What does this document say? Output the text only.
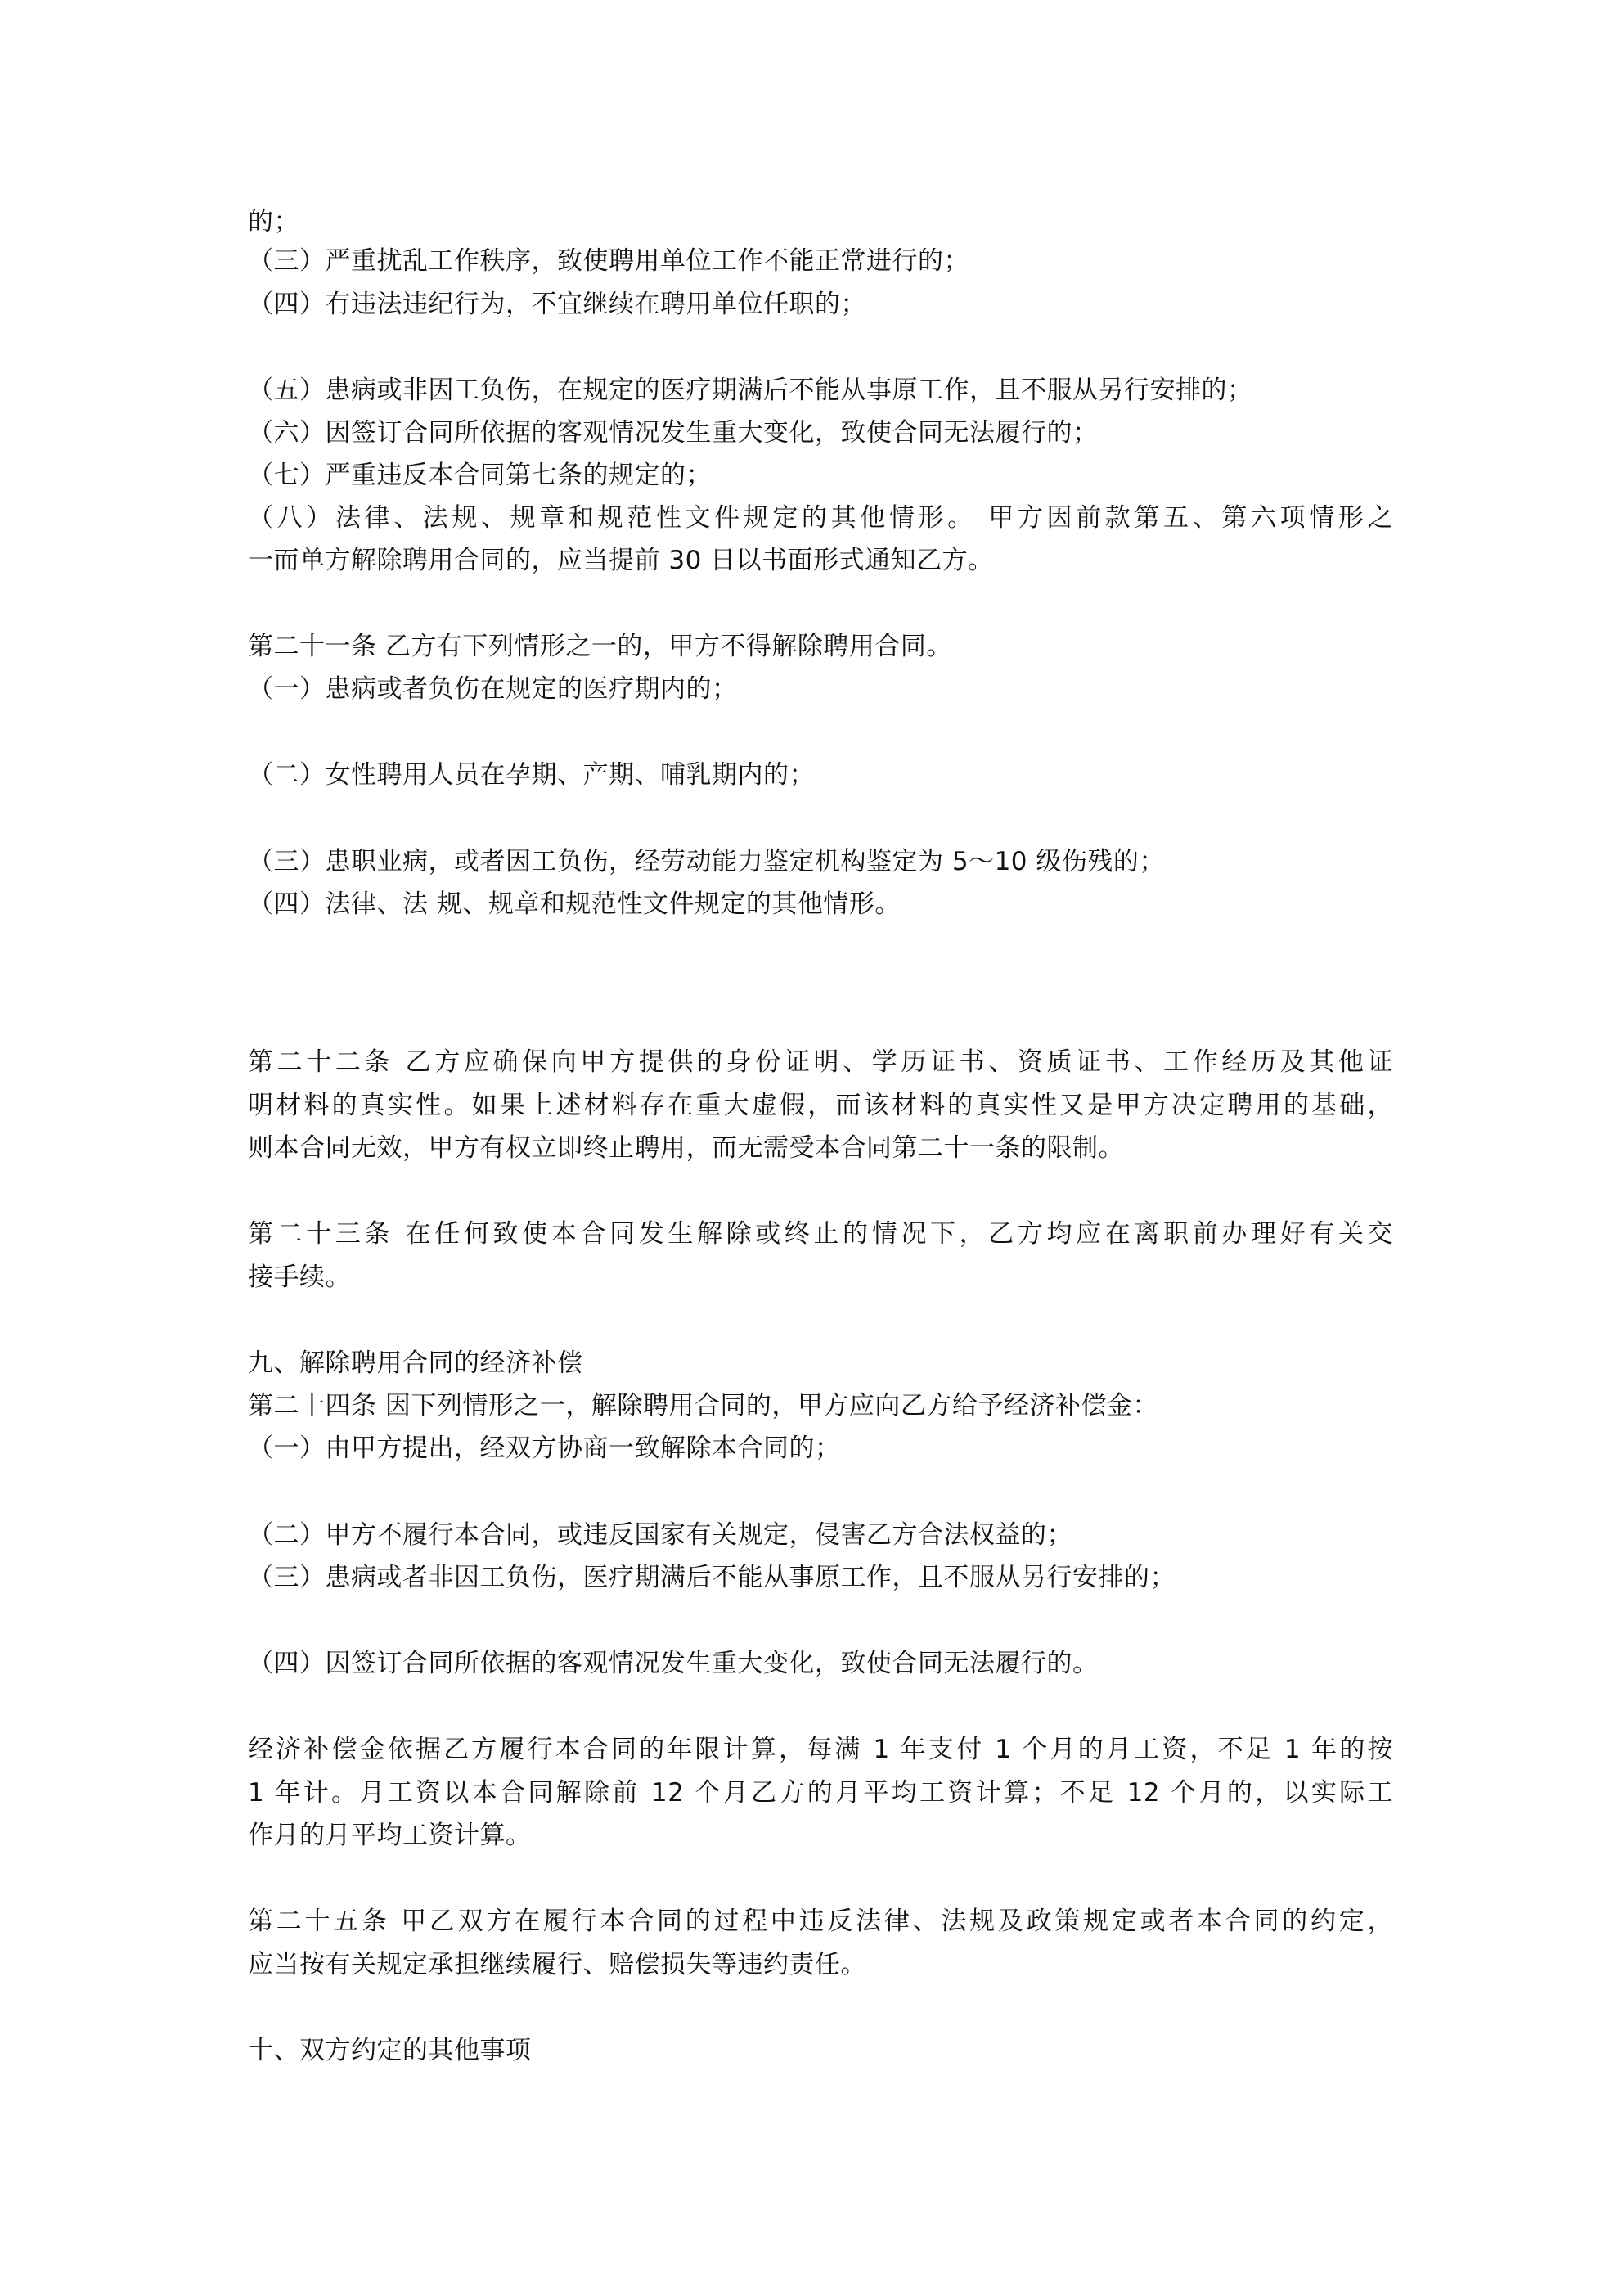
的；

（三）严重扰乱工作秩序，致使聘用单位工作不能正常进行的；

（四）有违法违纪行为，不宜继续在聘用单位任职的；

（五）患病或非因工负伤，在规定的医疗期满后不能从事原工作，且不服从另行安排的；

（六）因签订合同所依据的客观情况发生重大变化，致使合同无法履行的；

（七）严重违反本合同第七条的规定的；

（八）法律、法规、规章和规范性文件规定的其他情形。 甲方因前款第五、第六项情形之

一而单方解除聘用合同的，应当提前 30 日以书面形式通知乙方。

第二十一条 乙方有下列情形之一的，甲方不得解除聘用合同。

（一）患病或者负伤在规定的医疗期内的；

（二）女性聘用人员在孕期、产期、哺乳期内的；

（三）患职业病，或者因工负伤，经劳动能力鉴定机构鉴定为 5～10 级伤残的；

（四）法律、法 规、规章和规范性文件规定的其他情形。

第二十二条 乙方应确保向甲方提供的身份证明、学历证书、资质证书、工作经历及其他证

明材料的真实性。如果上述材料存在重大虚假，而该材料的真实性又是甲方决定聘用的基础，

则本合同无效，甲方有权立即终止聘用，而无需受本合同第二十一条的限制。

第二十三条 在任何致使本合同发生解除或终止的情况下，乙方均应在离职前办理好有关交

接手续。

九、解除聘用合同的经济补偿

第二十四条 因下列情形之一，解除聘用合同的，甲方应向乙方给予经济补偿金：

（一）由甲方提出，经双方协商一致解除本合同的；

（二）甲方不履行本合同，或违反国家有关规定，侵害乙方合法权益的；

（三）患病或者非因工负伤，医疗期满后不能从事原工作，且不服从另行安排的；

（四）因签订合同所依据的客观情况发生重大变化，致使合同无法履行的。

经济补偿金依据乙方履行本合同的年限计算，每满 1 年支付 1 个月的月工资，不足 1 年的按

1 年计。月工资以本合同解除前 12 个月乙方的月平均工资计算；不足 12 个月的，以实际工

作月的月平均工资计算。

第二十五条 甲乙双方在履行本合同的过程中违反法律、法规及政策规定或者本合同的约定，

应当按有关规定承担继续履行、赔偿损失等违约责任。

十、双方约定的其他事项
